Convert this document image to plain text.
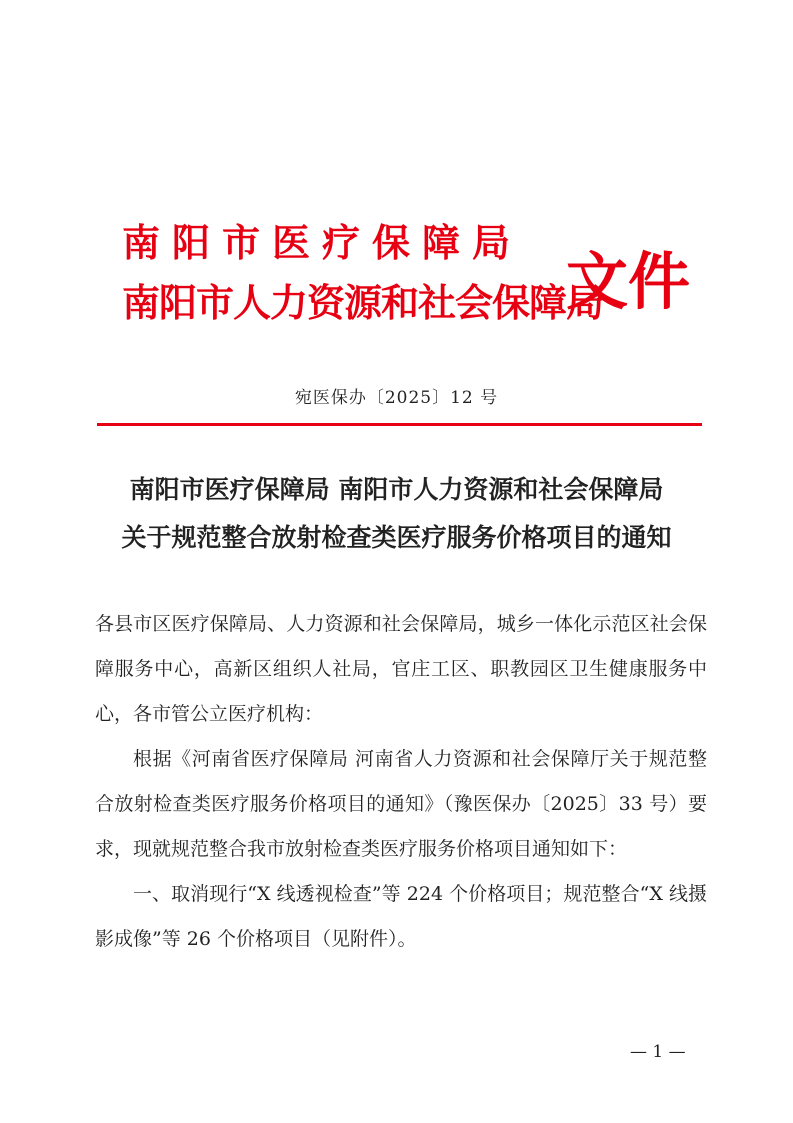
南阳市医疗保障局
南阳市人力资源和社会保障局
文件
宛医保办〔2025〕12 号
南阳市医疗保障局 南阳市人力资源和社会保障局
关于规范整合放射检查类医疗服务价格项目的通知

各县市区医疗保障局、人力资源和社会保障局，城乡一体化示范区社会保障服务中心，高新区组织人社局，官庄工区、职教园区卫生健康服务中心，各市管公立医疗机构：

根据《河南省医疗保障局 河南省人力资源和社会保障厅关于规范整合放射检查类医疗服务价格项目的通知》（豫医保办〔2025〕33 号）要求，现就规范整合我市放射检查类医疗服务价格项目通知如下：

一、取消现行“X 线透视检查”等 224 个价格项目；规范整合“X 线摄影成像”等 26 个价格项目（见附件）。

— 1 —
